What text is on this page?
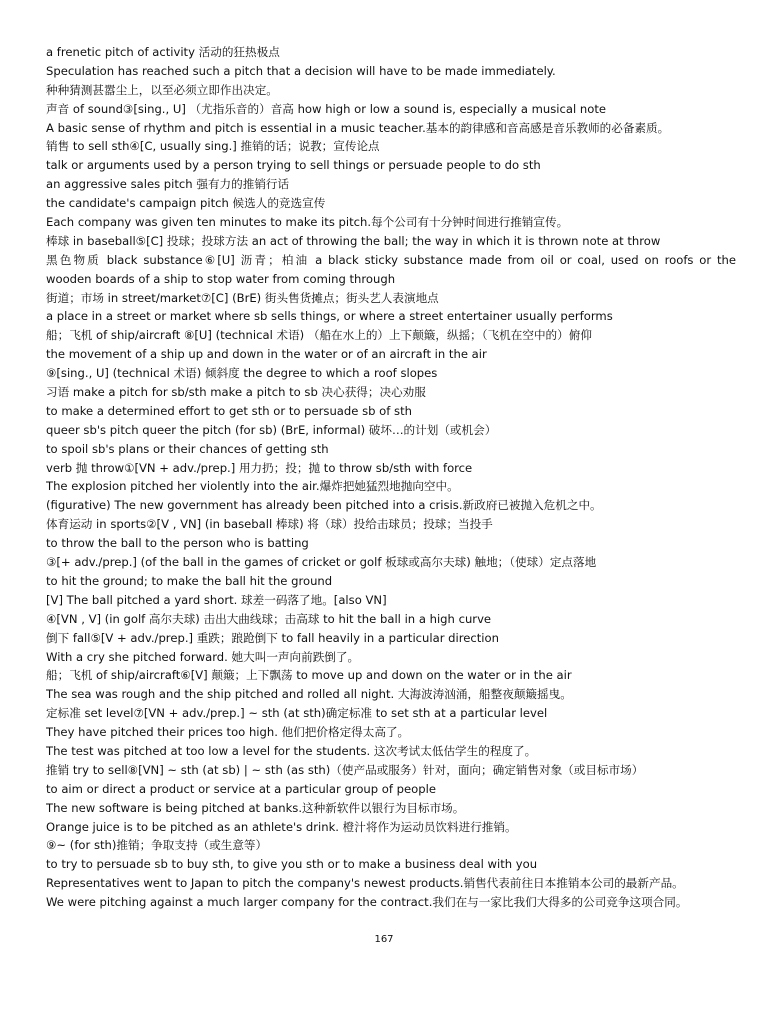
a frenetic pitch of activity 活动的狂热极点
Speculation has reached such a pitch that a decision will have to be made immediately.
种种猜测甚嚣尘上，以至必须立即作出决定。
声音 of sound③[sing., U] （尤指乐音的）音高 how high or low a sound is, especially a musical note
A basic sense of rhythm and pitch is essential in a music teacher.基本的韵律感和音高感是音乐教师的必备素质。
销售 to sell sth④[C, usually sing.] 推销的话；说教；宣传论点
talk or arguments used by a person trying to sell things or persuade people to do sth
an aggressive sales pitch 强有力的推销行话
the candidate's campaign pitch 候选人的竞选宣传
Each company was given ten minutes to make its pitch.每个公司有十分钟时间进行推销宣传。
棒球 in baseball⑤[C] 投球；投球方法 an act of throwing the ball; the way in which it is thrown note at throw
黑色物质 black substance⑥[U] 沥青；柏油 a black sticky substance made from oil or coal, used on roofs or the
wooden boards of a ship to stop water from coming through
街道；市场 in street/market⑦[C] (BrE) 街头售货摊点；街头艺人表演地点
a place in a street or market where sb sells things, or where a street entertainer usually performs
船；飞机 of ship/aircraft ⑧[U] (technical 术语) （船在水上的）上下颠簸，纵摇；（飞机在空中的）俯仰
the movement of a ship up and down in the water or of an aircraft in the air
⑨[sing., U] (technical 术语) 倾斜度 the degree to which a roof slopes
习语 make a pitch for sb/sth make a pitch to sb 决心获得；决心劝服
to make a determined effort to get sth or to persuade sb of sth
queer sb's pitch queer the pitch (for sb) (BrE, informal) 破坏…的计划（或机会）
to spoil sb's plans or their chances of getting sth
verb 抛 throw①[VN + adv./prep.] 用力扔；投；抛 to throw sb/sth with force
The explosion pitched her violently into the air.爆炸把她猛烈地抛向空中。
(figurative) The new government has already been pitched into a crisis.新政府已被抛入危机之中。
体育运动 in sports②[V , VN] (in baseball 棒球) 将（球）投给击球员；投球；当投手
to throw the ball to the person who is batting
③[+ adv./prep.] (of the ball in the games of cricket or golf 板球或高尔夫球) 触地；（使球）定点落地
to hit the ground; to make the ball hit the ground
[V] The ball pitched a yard short. 球差一码落了地。[also VN]
④[VN , V] (in golf 高尔夫球) 击出大曲线球；击高球 to hit the ball in a high curve
倒下 fall⑤[V + adv./prep.] 重跌；踉跄倒下 to fall heavily in a particular direction
With a cry she pitched forward. 她大叫一声向前跌倒了。
船；飞机 of ship/aircraft⑥[V] 颠簸；上下飘荡 to move up and down on the water or in the air
The sea was rough and the ship pitched and rolled all night. 大海波涛汹涌，船整夜颠簸摇曳。
定标准 set level⑦[VN + adv./prep.] ~ sth (at sth)确定标准 to set sth at a particular level
They have pitched their prices too high. 他们把价格定得太高了。
The test was pitched at too low a level for the students. 这次考试太低估学生的程度了。
推销 try to sell⑧[VN] ~ sth (at sb) | ~ sth (as sth)（使产品或服务）针对，面向；确定销售对象（或目标市场）
to aim or direct a product or service at a particular group of people
The new software is being pitched at banks.这种新软件以银行为目标市场。
Orange juice is to be pitched as an athlete's drink. 橙汁将作为运动员饮料进行推销。
⑨~ (for sth)推销；争取支持（或生意等）
to try to persuade sb to buy sth, to give you sth or to make a business deal with you
Representatives went to Japan to pitch the company's newest products.销售代表前往日本推销本公司的最新产品。
We were pitching against a much larger company for the contract.我们在与一家比我们大得多的公司竞争这项合同。
167
